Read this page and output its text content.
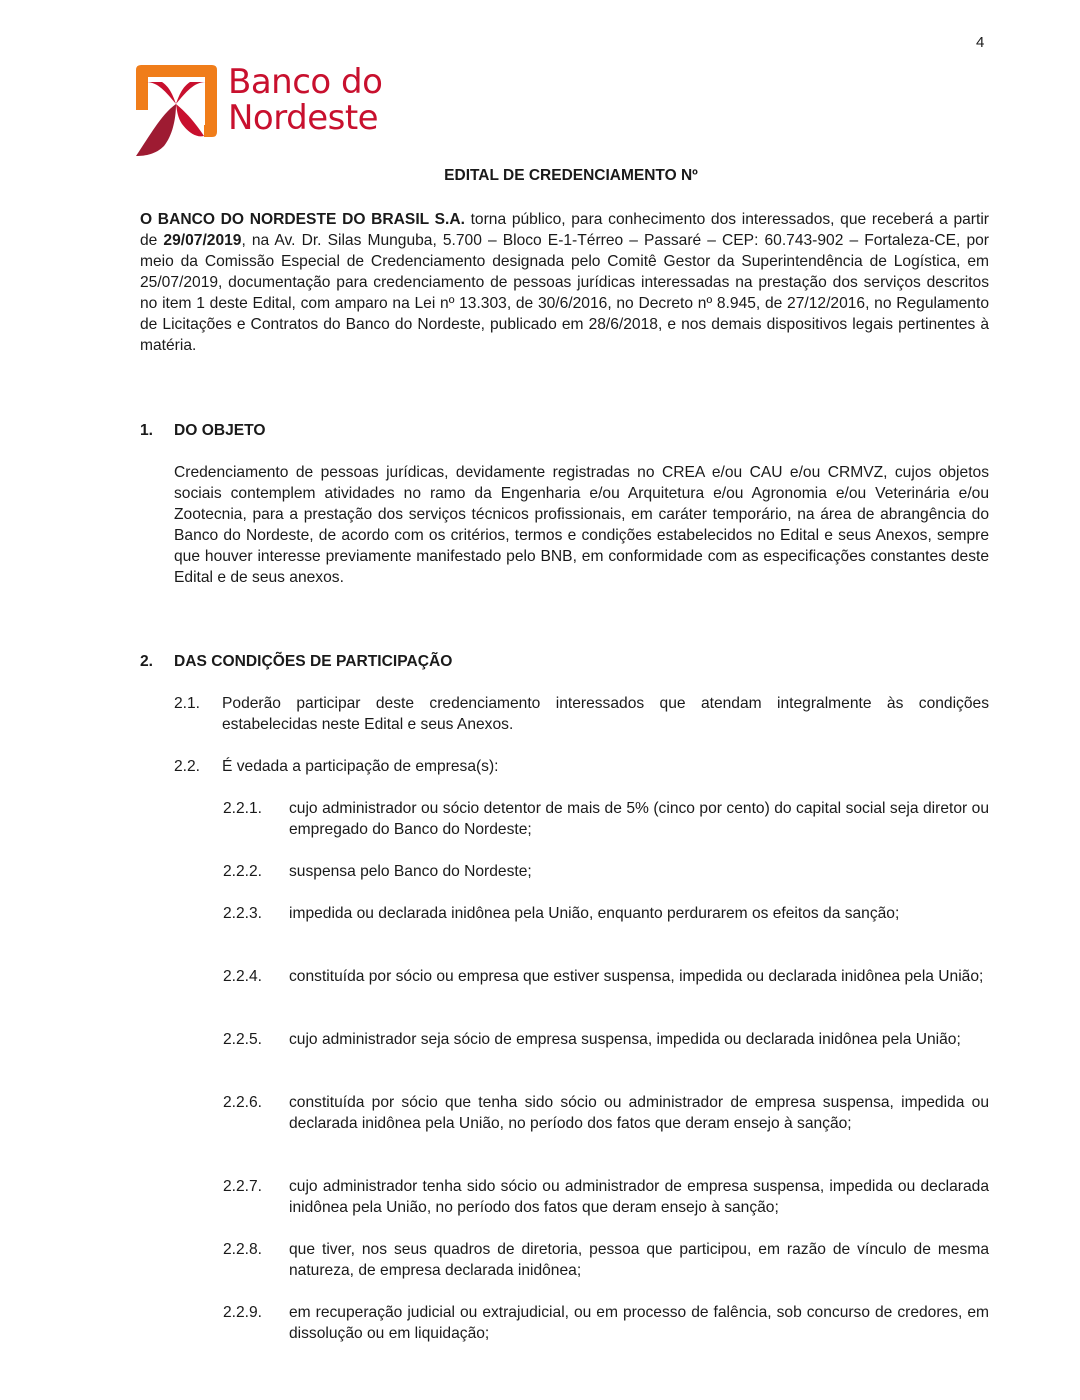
4
Banco do
Nordeste
EDITAL DE CREDENCIAMENTO Nº

O BANCO DO NORDESTE DO BRASIL S.A. torna público, para conhecimento dos interessados, que receberá a partir de 29/07/2019, na Av. Dr. Silas Munguba, 5.700 – Bloco E-1-Térreo – Passaré – CEP: 60.743-902 – Fortaleza-CE, por meio da Comissão Especial de Credenciamento designada pelo Comitê Gestor da Superintendência de Logística, em 25/07/2019, documentação para credenciamento de pessoas jurídicas interessadas na prestação dos serviços descritos no item 1 deste Edital, com amparo na Lei nº 13.303, de 30/6/2016, no Decreto nº 8.945, de 27/12/2016, no Regulamento de Licitações e Contratos do Banco do Nordeste, publicado em 28/6/2018, e nos demais dispositivos legais pertinentes à matéria.

1. DO OBJETO

Credenciamento de pessoas jurídicas, devidamente registradas no CREA e/ou CAU e/ou CRMVZ, cujos objetos sociais contemplem atividades no ramo da Engenharia e/ou Arquitetura e/ou Agronomia e/ou Veterinária e/ou Zootecnia, para a prestação dos serviços técnicos profissionais, em caráter temporário, na área de abrangência do Banco do Nordeste, de acordo com os critérios, termos e condições estabelecidos no Edital e seus Anexos, sempre que houver interesse previamente manifestado pelo BNB, em conformidade com as especificações constantes deste Edital e de seus anexos.

2. DAS CONDIÇÕES DE PARTICIPAÇÃO
2.1. Poderão participar deste credenciamento interessados que atendam integralmente às condições estabelecidas neste Edital e seus Anexos.
2.2. É vedada a participação de empresa(s):
2.2.1. cujo administrador ou sócio detentor de mais de 5% (cinco por cento) do capital social seja diretor ou empregado do Banco do Nordeste;
2.2.2. suspensa pelo Banco do Nordeste;
2.2.3. impedida ou declarada inidônea pela União, enquanto perdurarem os efeitos da sanção;
2.2.4. constituída por sócio ou empresa que estiver suspensa, impedida ou declarada inidônea pela União;
2.2.5. cujo administrador seja sócio de empresa suspensa, impedida ou declarada inidônea pela União;
2.2.6. constituída por sócio que tenha sido sócio ou administrador de empresa suspensa, impedida ou declarada inidônea pela União, no período dos fatos que deram ensejo à sanção;
2.2.7. cujo administrador tenha sido sócio ou administrador de empresa suspensa, impedida ou declarada inidônea pela União, no período dos fatos que deram ensejo à sanção;
2.2.8. que tiver, nos seus quadros de diretoria, pessoa que participou, em razão de vínculo de mesma natureza, de empresa declarada inidônea;
2.2.9. em recuperação judicial ou extrajudicial, ou em processo de falência, sob concurso de credores, em dissolução ou em liquidação;
